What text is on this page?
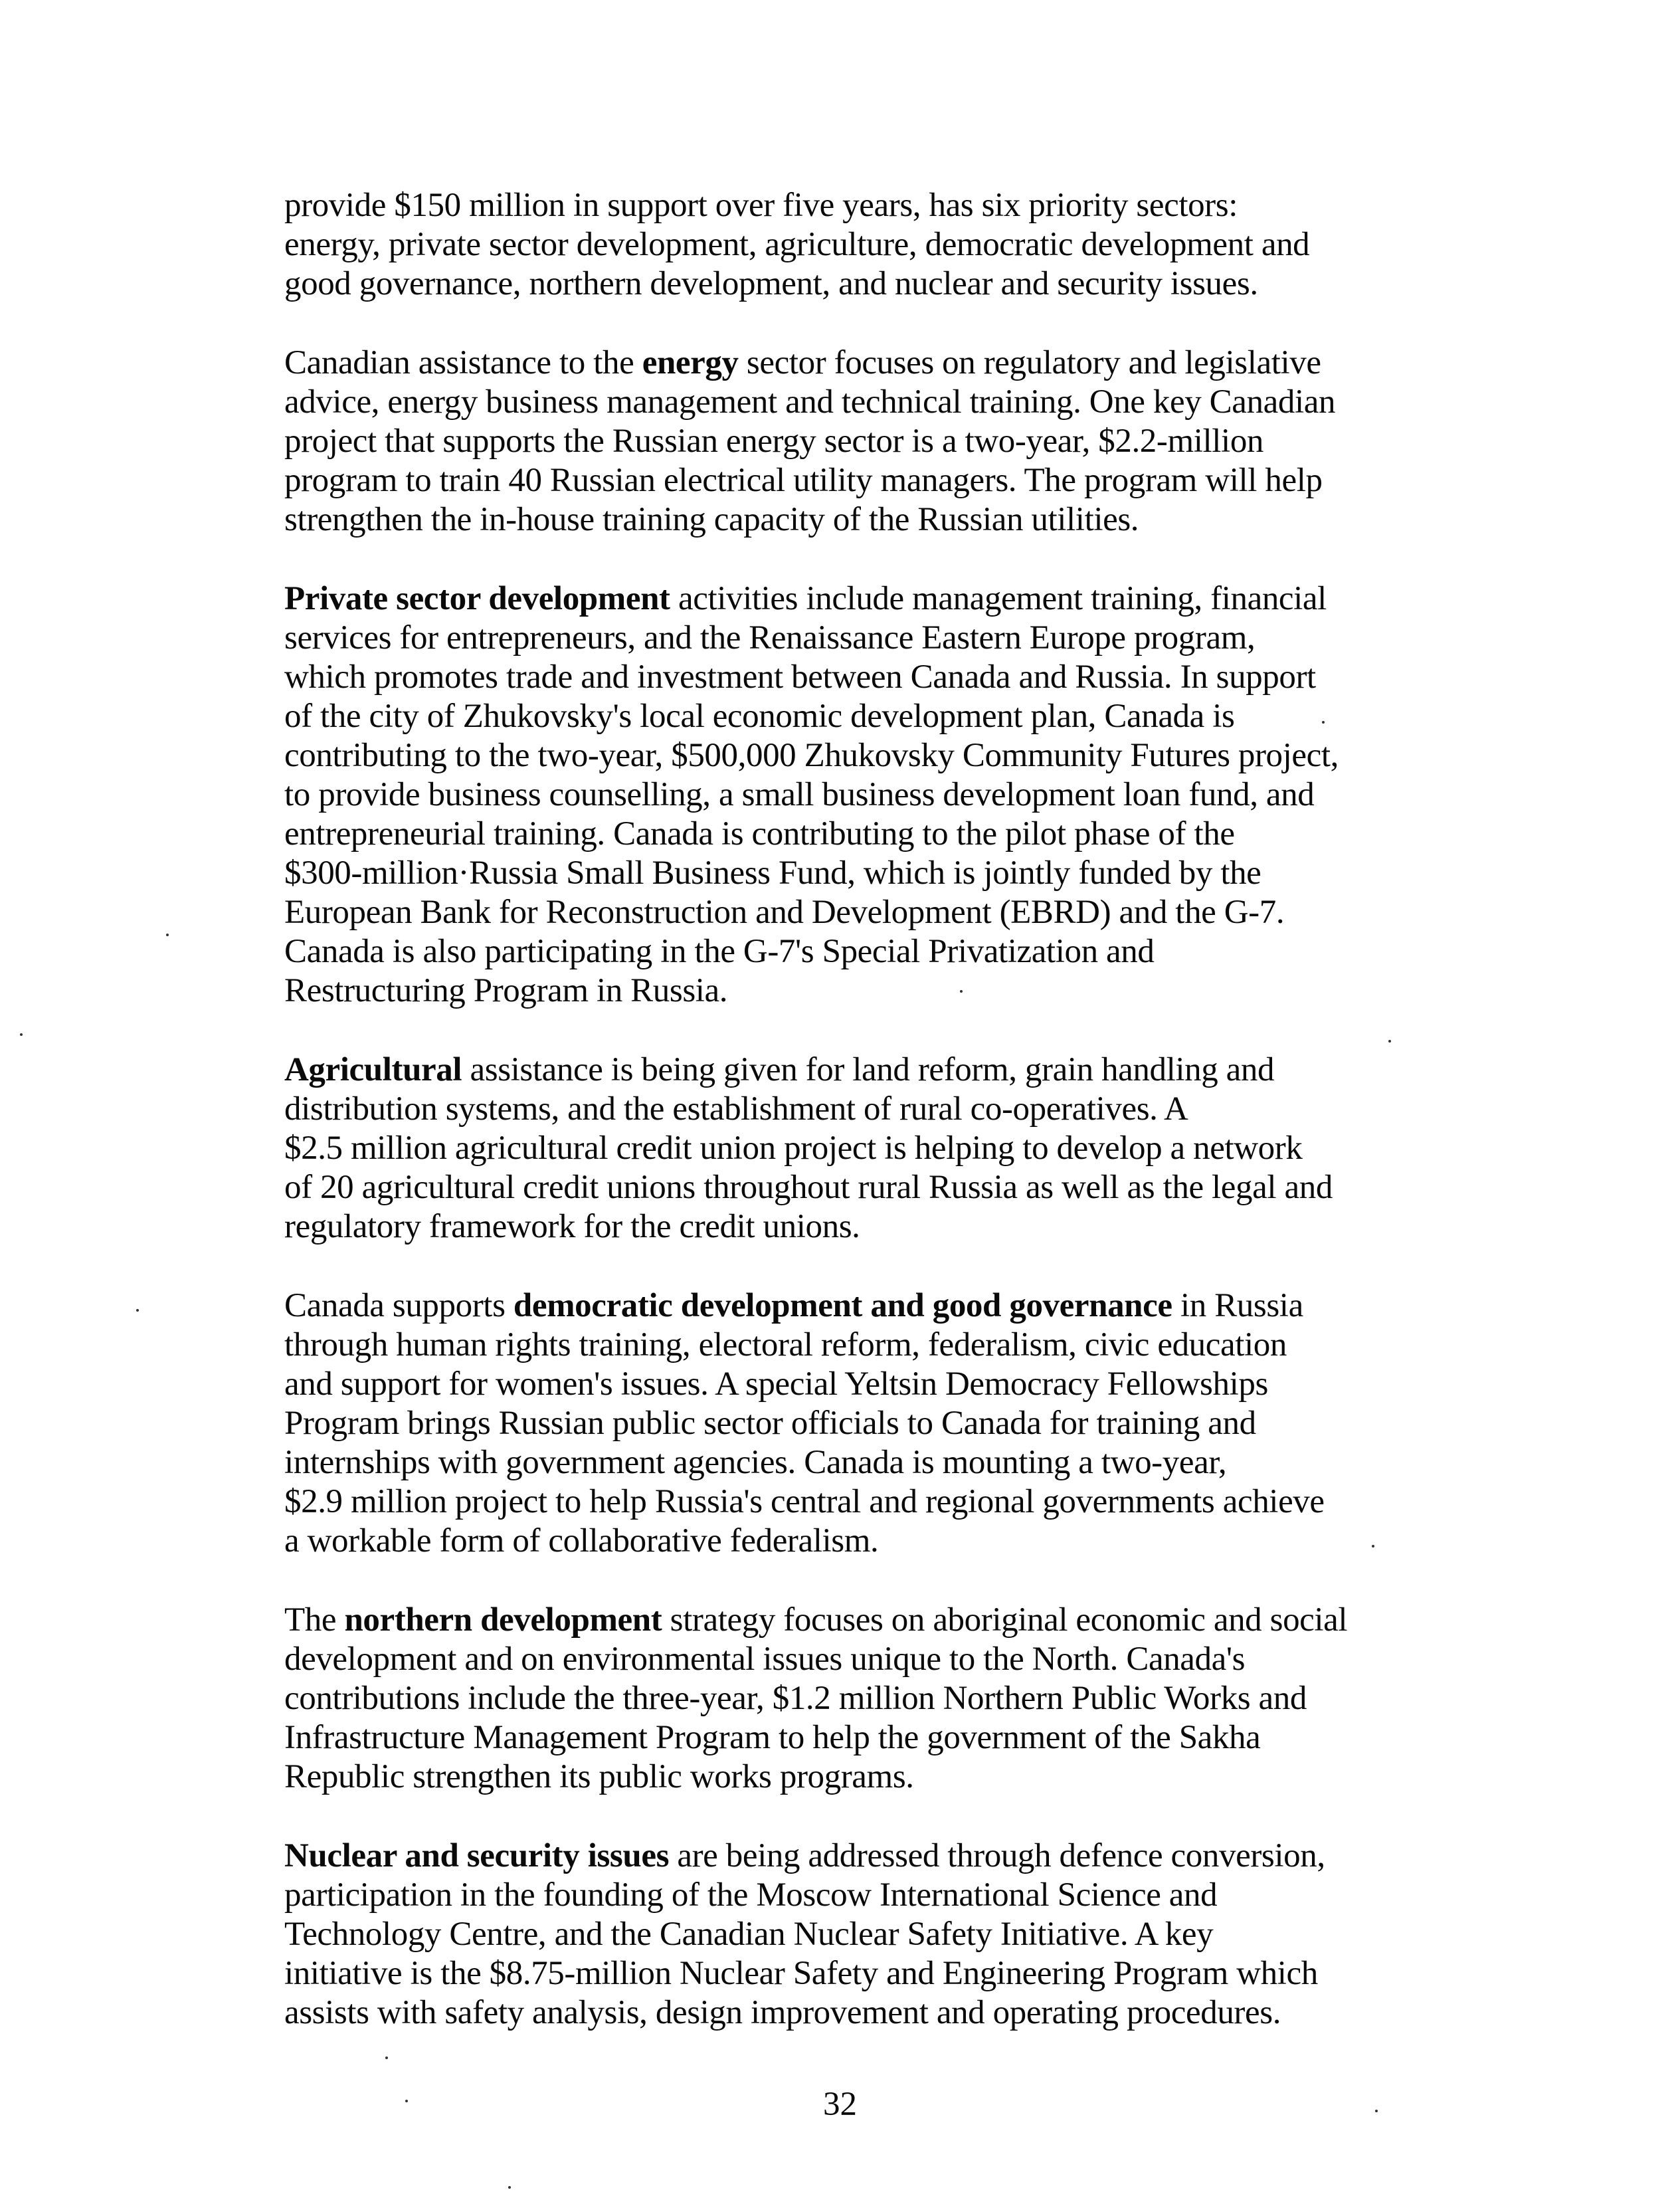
provide $150 million in support over five years, has six priority sectors:
energy, private sector development, agriculture, democratic development and
good governance, northern development, and nuclear and security issues.

Canadian assistance to the energy sector focuses on regulatory and legislative
advice, energy business management and technical training. One key Canadian
project that supports the Russian energy sector is a two-year, $2.2-million
program to train 40 Russian electrical utility managers. The program will help
strengthen the in-house training capacity of the Russian utilities.

Private sector development activities include management training, financial
services for entrepreneurs, and the Renaissance Eastern Europe program,
which promotes trade and investment between Canada and Russia. In support
of the city of Zhukovsky's local economic development plan, Canada is
contributing to the two-year, $500,000 Zhukovsky Community Futures project,
to provide business counselling, a small business development loan fund, and
entrepreneurial training. Canada is contributing to the pilot phase of the
$300-million·Russia Small Business Fund, which is jointly funded by the
European Bank for Reconstruction and Development (EBRD) and the G-7.
Canada is also participating in the G-7's Special Privatization and
Restructuring Program in Russia.

Agricultural assistance is being given for land reform, grain handling and
distribution systems, and the establishment of rural co-operatives. A
$2.5 million agricultural credit union project is helping to develop a network
of 20 agricultural credit unions throughout rural Russia as well as the legal and
regulatory framework for the credit unions.

Canada supports democratic development and good governance in Russia
through human rights training, electoral reform, federalism, civic education
and support for women's issues. A special Yeltsin Democracy Fellowships
Program brings Russian public sector officials to Canada for training and
internships with government agencies. Canada is mounting a two-year,
$2.9 million project to help Russia's central and regional governments achieve
a workable form of collaborative federalism.

The northern development strategy focuses on aboriginal economic and social
development and on environmental issues unique to the North. Canada's
contributions include the three-year, $1.2 million Northern Public Works and
Infrastructure Management Program to help the government of the Sakha
Republic strengthen its public works programs.

Nuclear and security issues are being addressed through defence conversion,
participation in the founding of the Moscow International Science and
Technology Centre, and the Canadian Nuclear Safety Initiative. A key
initiative is the $8.75-million Nuclear Safety and Engineering Program which
assists with safety analysis, design improvement and operating procedures.

32
